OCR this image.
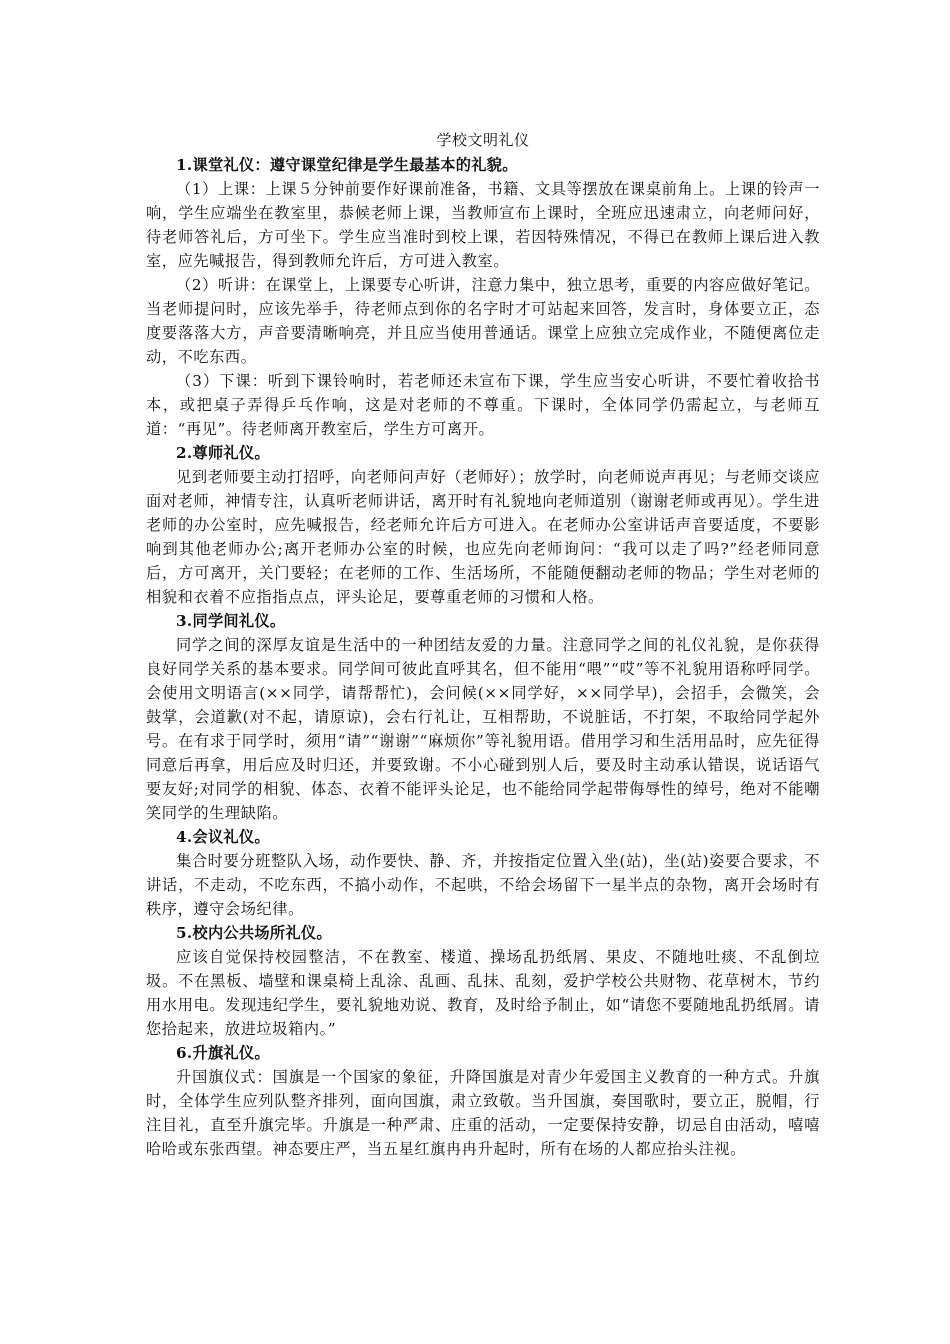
学校文明礼仪

1.课堂礼仪：遵守课堂纪律是学生最基本的礼貌。

（1）上课：上课５分钟前要作好课前准备，书籍、文具等摆放在课桌前角上。上课的铃声一响，学生应端坐在教室里，恭候老师上课，当教师宣布上课时，全班应迅速肃立，向老师问好，待老师答礼后，方可坐下。学生应当准时到校上课，若因特殊情况，不得已在教师上课后进入教室，应先喊报告，得到教师允许后，方可进入教室。

（2）听讲：在课堂上，上课要专心听讲，注意力集中，独立思考，重要的内容应做好笔记。当老师提问时，应该先举手，待老师点到你的名字时才可站起来回答，发言时，身体要立正，态度要落落大方，声音要清晰响亮，并且应当使用普通话。课堂上应独立完成作业，不随便离位走动，不吃东西。

（3）下课：听到下课铃响时，若老师还未宣布下课，学生应当安心听讲，不要忙着收拾书本，或把桌子弄得乒乓作响，这是对老师的不尊重。下课时，全体同学仍需起立，与老师互道：“再见”。待老师离开教室后，学生方可离开。

2.尊师礼仪。

见到老师要主动打招呼，向老师问声好（老师好）；放学时，向老师说声再见；与老师交谈应面对老师，神情专注，认真听老师讲话，离开时有礼貌地向老师道别（谢谢老师或再见）。学生进老师的办公室时，应先喊报告，经老师允许后方可进入。在老师办公室讲话声音要适度，不要影响到其他老师办公;离开老师办公室的时候，也应先向老师询问：“我可以走了吗?”经老师同意后，方可离开，关门要轻；在老师的工作、生活场所，不能随便翻动老师的物品；学生对老师的相貌和衣着不应指指点点，评头论足，要尊重老师的习惯和人格。

3.同学间礼仪。

同学之间的深厚友谊是生活中的一种团结友爱的力量。注意同学之间的礼仪礼貌，是你获得良好同学关系的基本要求。同学间可彼此直呼其名，但不能用“喂”“哎”等不礼貌用语称呼同学。会使用文明语言(××同学，请帮帮忙)，会问候(××同学好，××同学早)，会招手，会微笑，会鼓掌，会道歉(对不起，请原谅)，会右行礼让，互相帮助，不说脏话，不打架，不取给同学起外号。在有求于同学时，须用“请”“谢谢”“麻烦你”等礼貌用语。借用学习和生活用品时，应先征得同意后再拿，用后应及时归还，并要致谢。不小心碰到别人后，要及时主动承认错误，说话语气要友好;对同学的相貌、体态、衣着不能评头论足，也不能给同学起带侮辱性的绰号，绝对不能嘲笑同学的生理缺陷。

4.会议礼仪。

集合时要分班整队入场，动作要快、静、齐，并按指定位置入坐(站)，坐(站)姿要合要求，不讲话，不走动，不吃东西，不搞小动作，不起哄，不给会场留下一星半点的杂物，离开会场时有秩序，遵守会场纪律。

5.校内公共场所礼仪。

应该自觉保持校园整洁，不在教室、楼道、操场乱扔纸屑、果皮、不随地吐痰、不乱倒垃圾。不在黑板、墙壁和课桌椅上乱涂、乱画、乱抹、乱刻，爱护学校公共财物、花草树木，节约用水用电。发现违纪学生，要礼貌地劝说、教育，及时给予制止，如“请您不要随地乱扔纸屑。请您拾起来，放进垃圾箱内。”

6.升旗礼仪。

升国旗仪式：国旗是一个国家的象征，升降国旗是对青少年爱国主义教育的一种方式。升旗时，全体学生应列队整齐排列，面向国旗，肃立致敬。当升国旗，奏国歌时，要立正，脱帽，行注目礼，直至升旗完毕。升旗是一种严肃、庄重的活动，一定要保持安静，切忌自由活动，嘻嘻哈哈或东张西望。神态要庄严，当五星红旗冉冉升起时，所有在场的人都应抬头注视。
